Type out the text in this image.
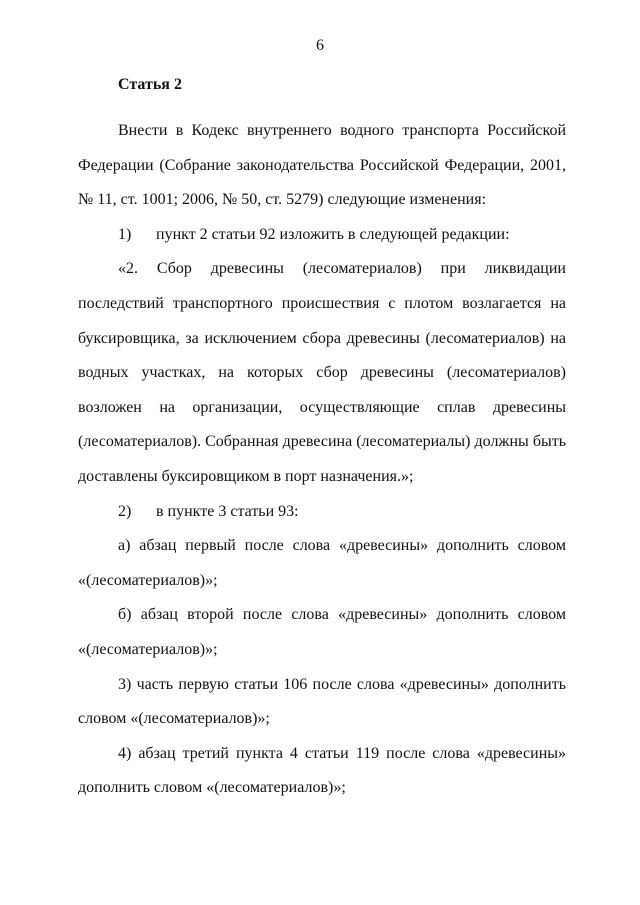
6
Статья 2

Внести в Кодекс внутреннего водного транспорта Российской Федерации (Собрание законодательства Российской Федерации, 2001, № 11, ст. 1001; 2006, № 50, ст. 5279) следующие изменения:

1) пункт 2 статьи 92 изложить в следующей редакции:

«2. Сбор древесины (лесоматериалов) при ликвидации последствий транспортного происшествия с плотом возлагается на буксировщика, за исключением сбора древесины (лесоматериалов) на водных участках, на которых сбор древесины (лесоматериалов) возложен на организации, осуществляющие сплав древесины (лесоматериалов). Собранная древесина (лесоматериалы) должны быть доставлены буксировщиком в порт назначения.»;

2) в пункте 3 статьи 93:

а) абзац первый после слова «древесины» дополнить словом «(лесоматериалов)»;

б) абзац второй после слова «древесины» дополнить словом «(лесоматериалов)»;

3) часть первую статьи 106 после слова «древесины» дополнить словом «(лесоматериалов)»;

4) абзац третий пункта 4 статьи 119 после слова «древесины» дополнить словом «(лесоматериалов)»;
